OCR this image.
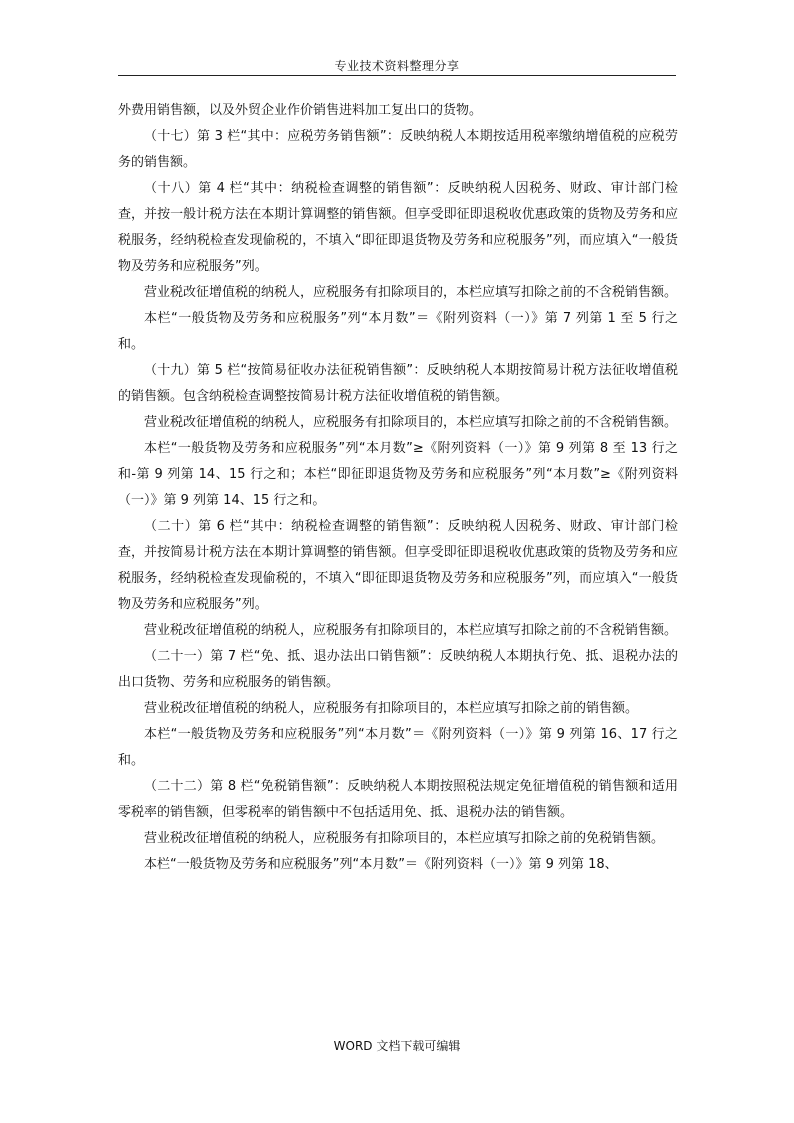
专业技术资料整理分享

外费用销售额，以及外贸企业作价销售进料加工复出口的货物。

（十七）第 3 栏“其中：应税劳务销售额”：反映纳税人本期按适用税率缴纳增值税的应税劳务的销售额。

（十八）第 4 栏“其中：纳税检查调整的销售额”：反映纳税人因税务、财政、审计部门检查，并按一般计税方法在本期计算调整的销售额。但享受即征即退税收优惠政策的货物及劳务和应税服务，经纳税检查发现偷税的，不填入“即征即退货物及劳务和应税服务”列，而应填入“一般货物及劳务和应税服务”列。

营业税改征增值税的纳税人，应税服务有扣除项目的，本栏应填写扣除之前的不含税销售额。

本栏“一般货物及劳务和应税服务”列“本月数”＝《附列资料（一）》第 7 列第 1 至 5 行之和。

（十九）第 5 栏“按简易征收办法征税销售额”：反映纳税人本期按简易计税方法征收增值税的销售额。包含纳税检查调整按简易计税方法征收增值税的销售额。

营业税改征增值税的纳税人，应税服务有扣除项目的，本栏应填写扣除之前的不含税销售额。

本栏“一般货物及劳务和应税服务”列“本月数”≥《附列资料（一）》第 9 列第 8 至 13 行之和-第 9 列第 14、15 行之和；本栏“即征即退货物及劳务和应税服务”列“本月数”≥《附列资料（一）》第 9 列第 14、15 行之和。

（二十）第 6 栏“其中：纳税检查调整的销售额”：反映纳税人因税务、财政、审计部门检查，并按简易计税方法在本期计算调整的销售额。但享受即征即退税收优惠政策的货物及劳务和应税服务，经纳税检查发现偷税的，不填入“即征即退货物及劳务和应税服务”列，而应填入“一般货物及劳务和应税服务”列。

营业税改征增值税的纳税人，应税服务有扣除项目的，本栏应填写扣除之前的不含税销售额。

（二十一）第 7 栏“免、抵、退办法出口销售额”：反映纳税人本期执行免、抵、退税办法的出口货物、劳务和应税服务的销售额。

营业税改征增值税的纳税人，应税服务有扣除项目的，本栏应填写扣除之前的销售额。

本栏“一般货物及劳务和应税服务”列“本月数”＝《附列资料（一）》第 9 列第 16、17 行之和。

（二十二）第 8 栏“免税销售额”：反映纳税人本期按照税法规定免征增值税的销售额和适用零税率的销售额，但零税率的销售额中不包括适用免、抵、退税办法的销售额。

营业税改征增值税的纳税人，应税服务有扣除项目的，本栏应填写扣除之前的免税销售额。

本栏“一般货物及劳务和应税服务”列“本月数”＝《附列资料（一）》第 9 列第 18、

WORD 文档下载可编辑
